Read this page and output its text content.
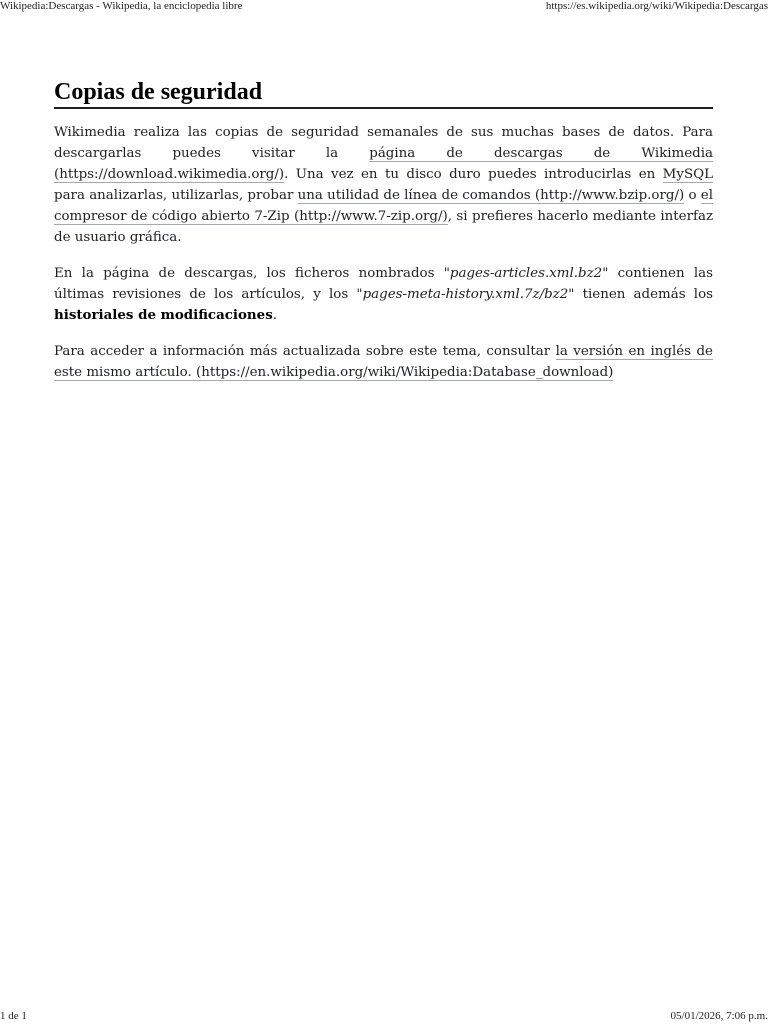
Wikipedia:Descargas - Wikipedia, la enciclopedia libre	https://es.wikipedia.org/wiki/Wikipedia:Descargas
Copias de seguridad

Wikimedia realiza las copias de seguridad semanales de sus muchas bases de datos. Para descargarlas puedes visitar la página de descargas de Wikimedia (https://download.wikimedia.org/). Una vez en tu disco duro puedes introducirlas en MySQL para analizarlas, utilizarlas, probar una utilidad de línea de comandos (http://www.bzip.org/) o el compresor de código abierto 7-Zip (http://www.7-zip.org/), si prefieres hacerlo mediante interfaz de usuario gráfica.

En la página de descargas, los ficheros nombrados "pages-articles.xml.bz2" contienen las últimas revisiones de los artículos, y los "pages-meta-history.xml.7z/bz2" tienen además los historiales de modificaciones.

Para acceder a información más actualizada sobre este tema, consultar la versión en inglés de este mismo artículo. (https://en.wikipedia.org/wiki/Wikipedia:Database_download)

1 de 1	05/01/2026, 7:06 p.m.
